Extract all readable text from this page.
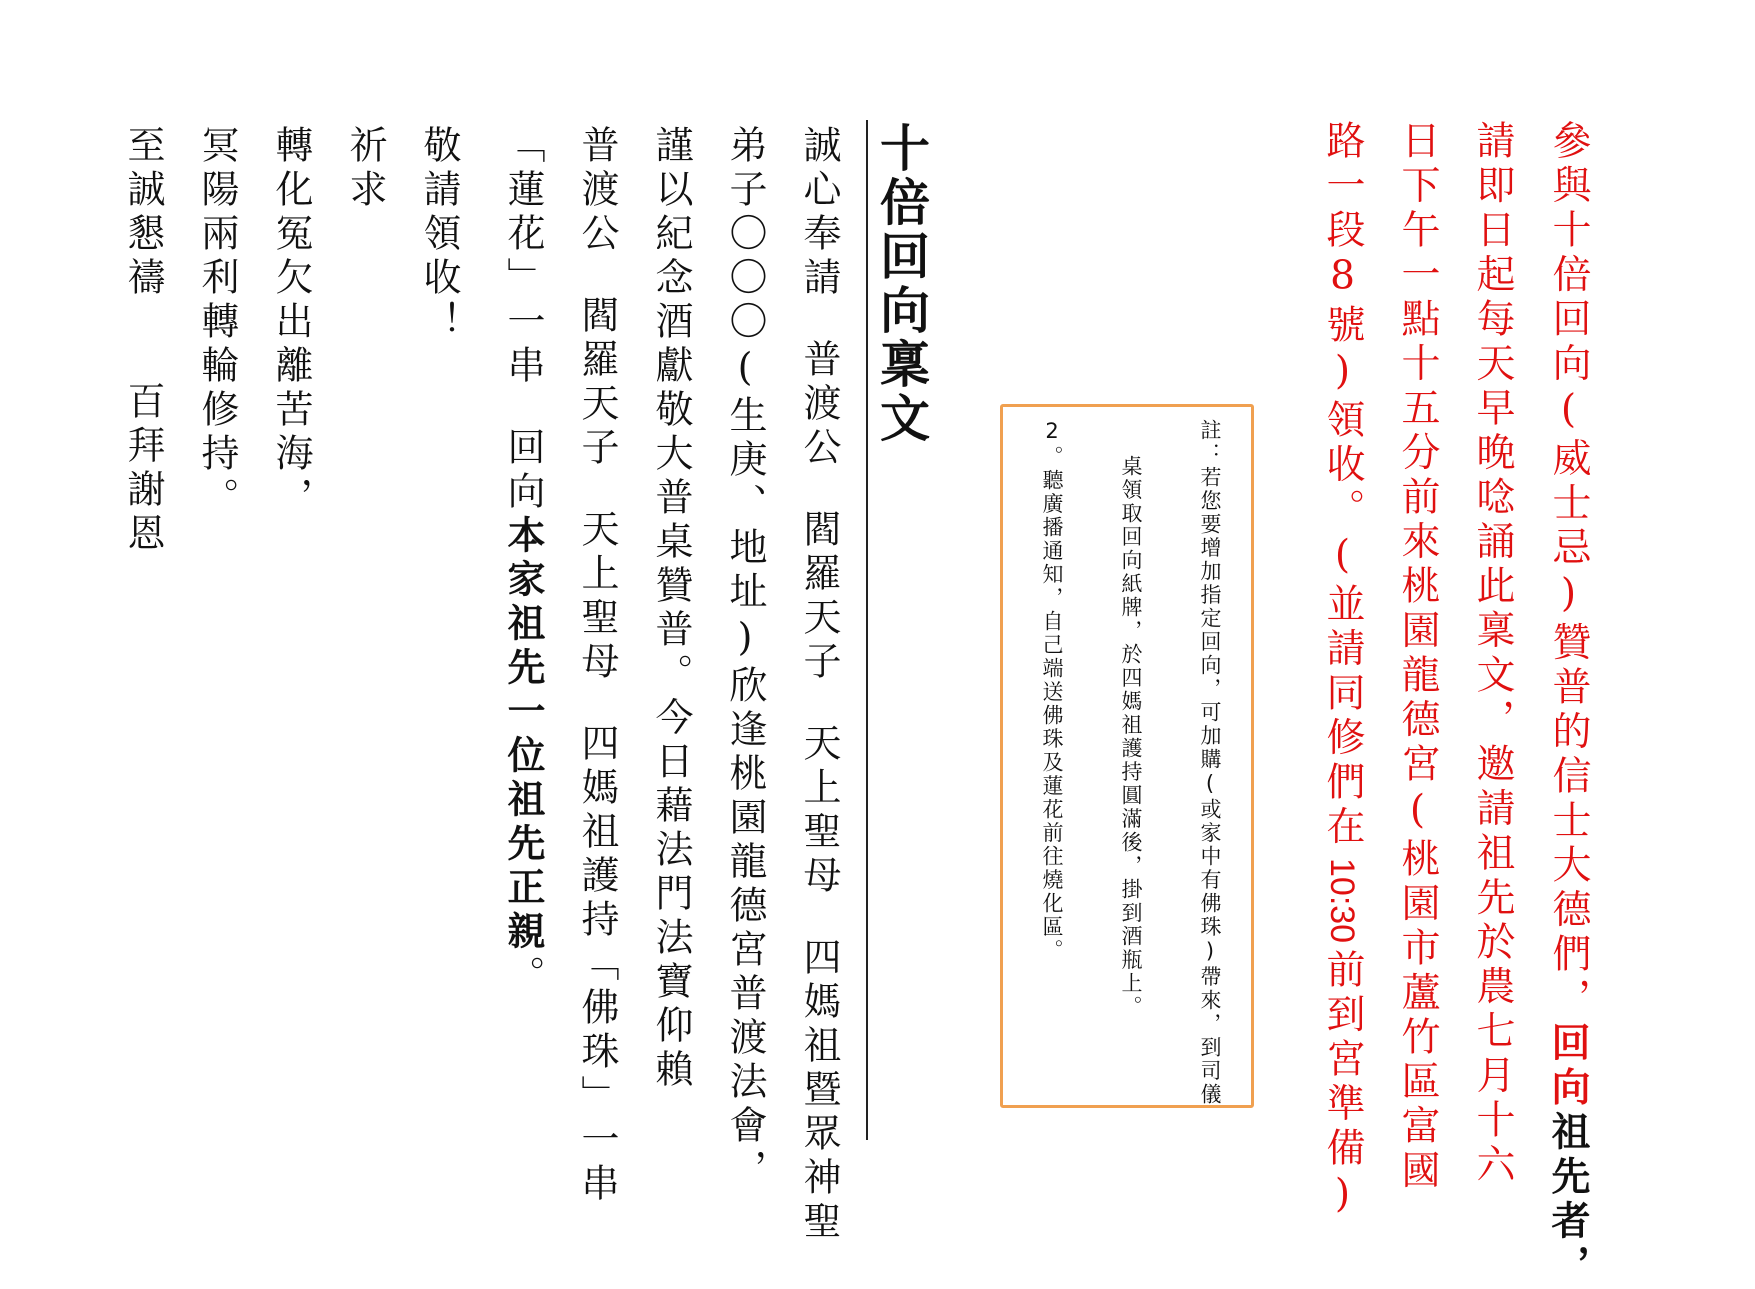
參與十倍回向(威士忌)贊普的信士大德們，回向祖先者，
請即日起每天早晚唸誦此稟文，邀請祖先於農七月十六
日下午一點十五分前來桃園龍德宮(桃園市蘆竹區富國
路一段8號)領收。(並請同修們在10:30前到宮準備)
註：若您要增加指定回向，可加購(或家中有佛珠)帶來，到司儀
桌領取回向紙牌，於四媽祖護持圓滿後，掛到酒瓶上。
2。聽廣播通知，自己端送佛珠及蓮花前往燒化區。
十倍回向稟文
誠心奉請普渡公閻羅天子天上聖母四媽祖暨眾神聖
弟子〇〇〇(生庚、地址)欣逢桃園龍德宮普渡法會，
謹以紀念酒獻敬大普桌贊普。今日藉法門法寶仰賴
普渡公閻羅天子天上聖母四媽祖護持「佛珠」一串
「蓮花」一串回向本家祖先一位祖先正親。
敬請領收！
祈求
轉化冤欠出離苦海，
冥陽兩利轉輪修持。
至誠懇禱百拜謝恩
